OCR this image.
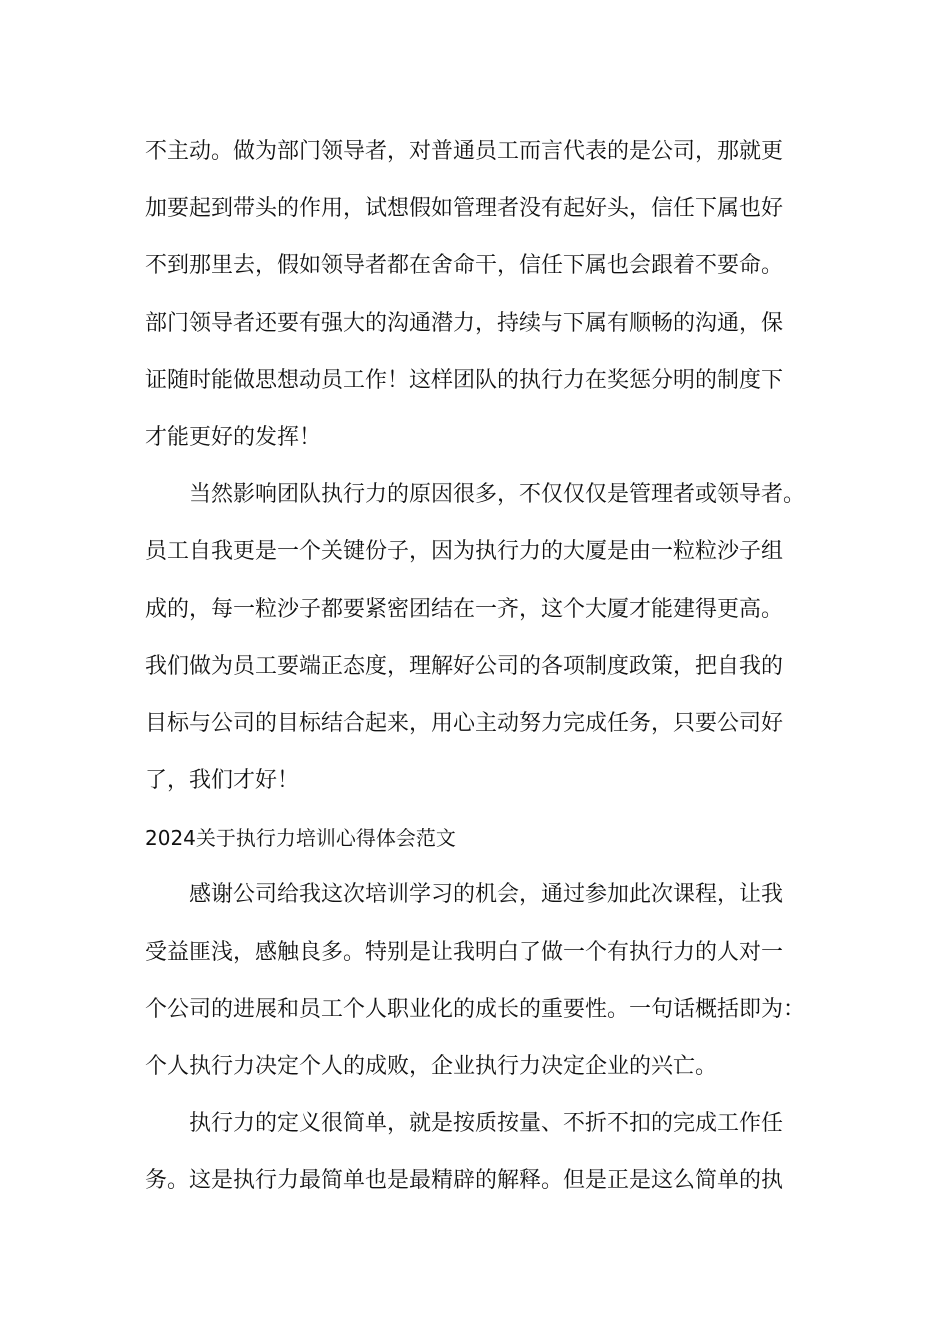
不主动。做为部门领导者，对普通员工而言代表的是公司，那就更
加要起到带头的作用，试想假如管理者没有起好头，信任下属也好
不到那里去，假如领导者都在舍命干，信任下属也会跟着不要命。
部门领导者还要有强大的沟通潜力，持续与下属有顺畅的沟通，保
证随时能做思想动员工作！这样团队的执行力在奖惩分明的制度下
才能更好的发挥！
当然影响团队执行力的原因很多，不仅仅仅是管理者或领导者。
员工自我更是一个关键份子，因为执行力的大厦是由一粒粒沙子组
成的，每一粒沙子都要紧密团结在一齐，这个大厦才能建得更高。
我们做为员工要端正态度，理解好公司的各项制度政策，把自我的
目标与公司的目标结合起来，用心主动努力完成任务，只要公司好
了，我们才好！
2024关于执行力培训心得体会范文
感谢公司给我这次培训学习的机会，通过参加此次课程，让我
受益匪浅，感触良多。特别是让我明白了做一个有执行力的人对一
个公司的进展和员工个人职业化的成长的重要性。一句话概括即为：
个人执行力决定个人的成败，企业执行力决定企业的兴亡。
执行力的定义很简单，就是按质按量、不折不扣的完成工作任
务。这是执行力最简单也是最精辟的解释。但是正是这么简单的执
